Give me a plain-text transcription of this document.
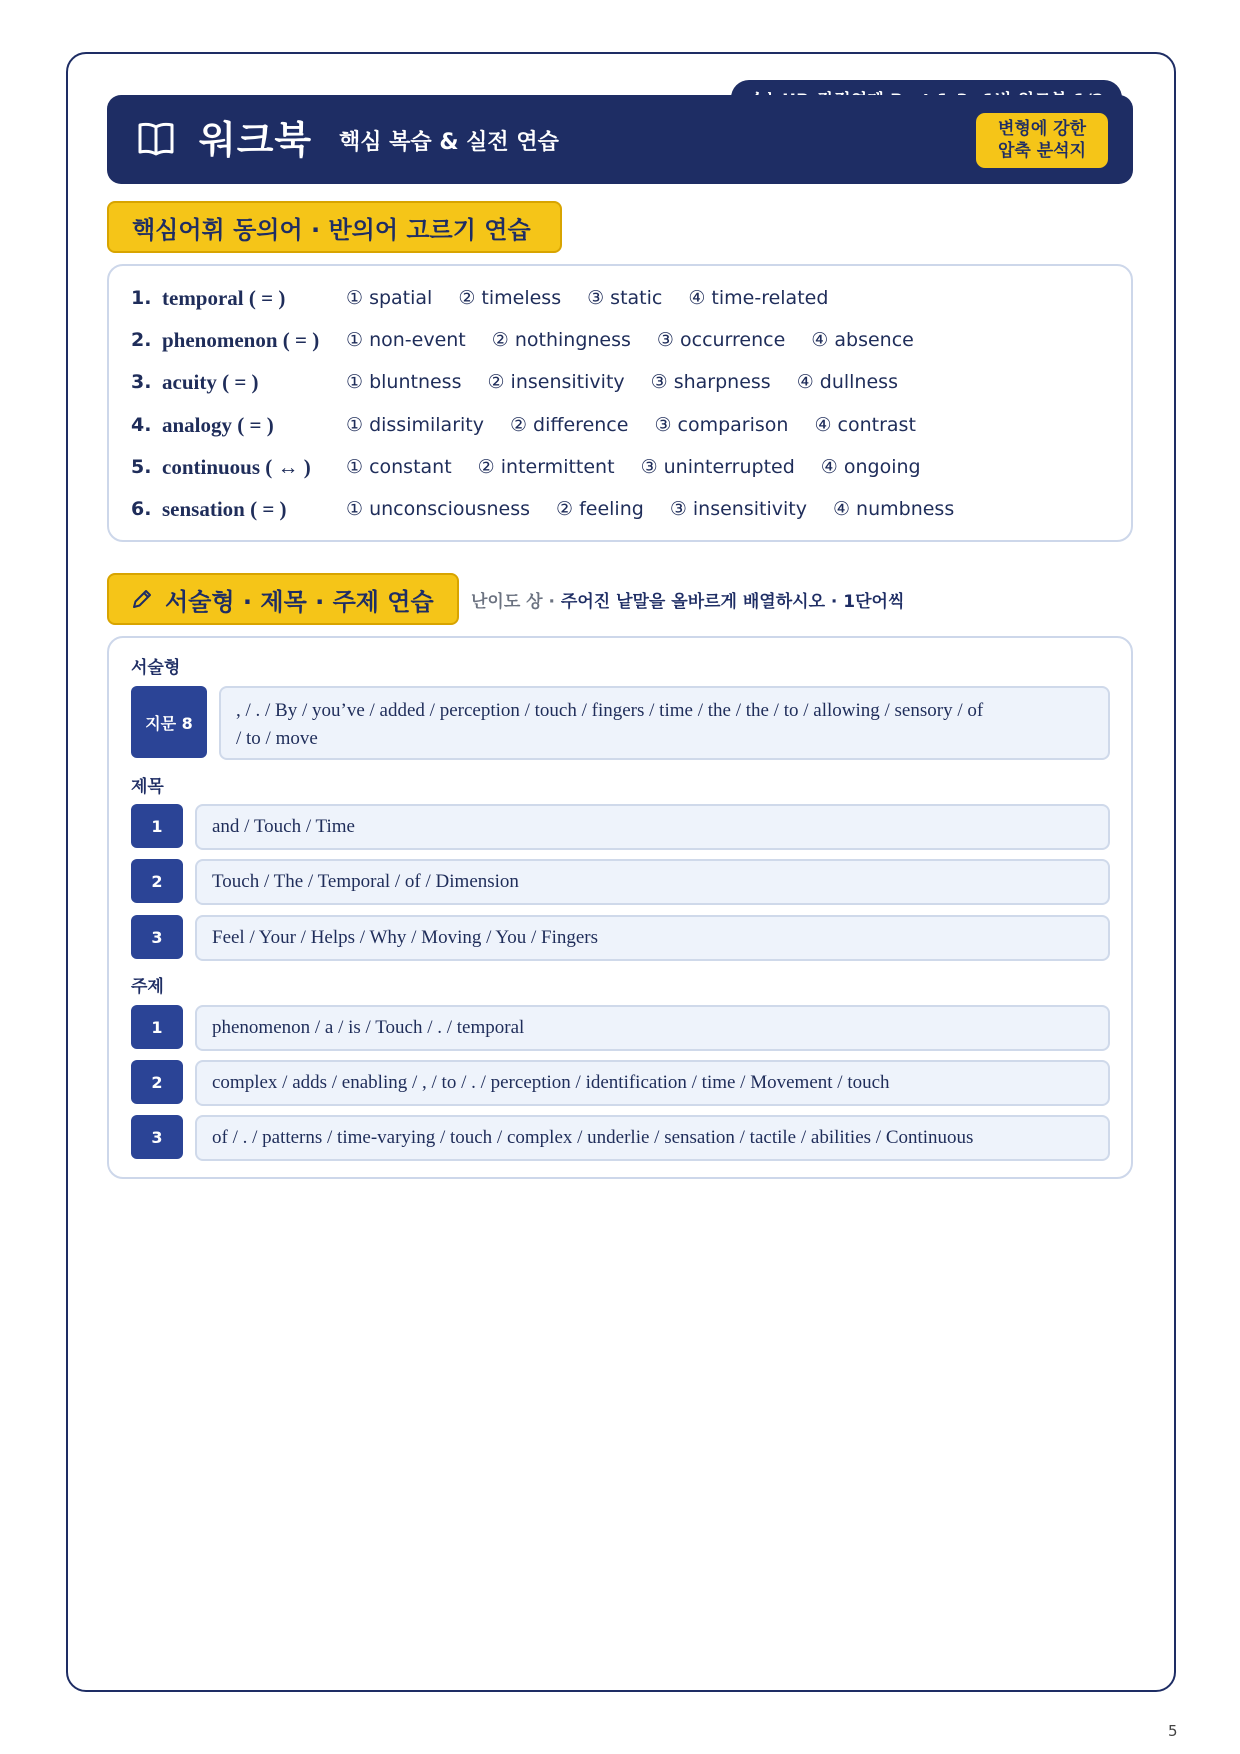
워크북 핵심 복습 & 실전 연습
변형에 강한
압축 분석지
핵심어휘 동의어 · 반의어 고르기 연습
1. temporal ( = )	① spatial ② timeless ③ static ④ time-related
2. phenomenon ( = )	① non-event ② nothingness ③ occurrence ④ absence
3. acuity ( = )	① bluntness ② insensitivity ③ sharpness ④ dullness
4. analogy ( = )	① dissimilarity ② difference ③ comparison ④ contrast
5. continuous ( ↔ )	① constant ② intermittent ③ uninterrupted ④ ongoing
6. sensation ( = )	① unconsciousness ② feeling ③ insensitivity ④ numbness
서술형 · 제목 · 주제 연습 난이도 상 · 주어진 낱말을 올바르게 배열하시오 · 1단어씩
서술형
지문 8
, / . / By / you’ve / added / perception / touch / fingers / time / the / the / to / allowing / sensory / of
/ to / move
제목
1	and / Touch / Time
2	Touch / The / Temporal / of / Dimension
3	Feel / Your / Helps / Why / Moving / You / Fingers
주제
1	phenomenon / a / is / Touch / . / temporal
2	complex / adds / enabling / , / to / . / perception / identification / time / Movement / touch
3	of / . / patterns / time-varying / touch / complex / underlie / sensation / tactile / abilities / Continuous
5
